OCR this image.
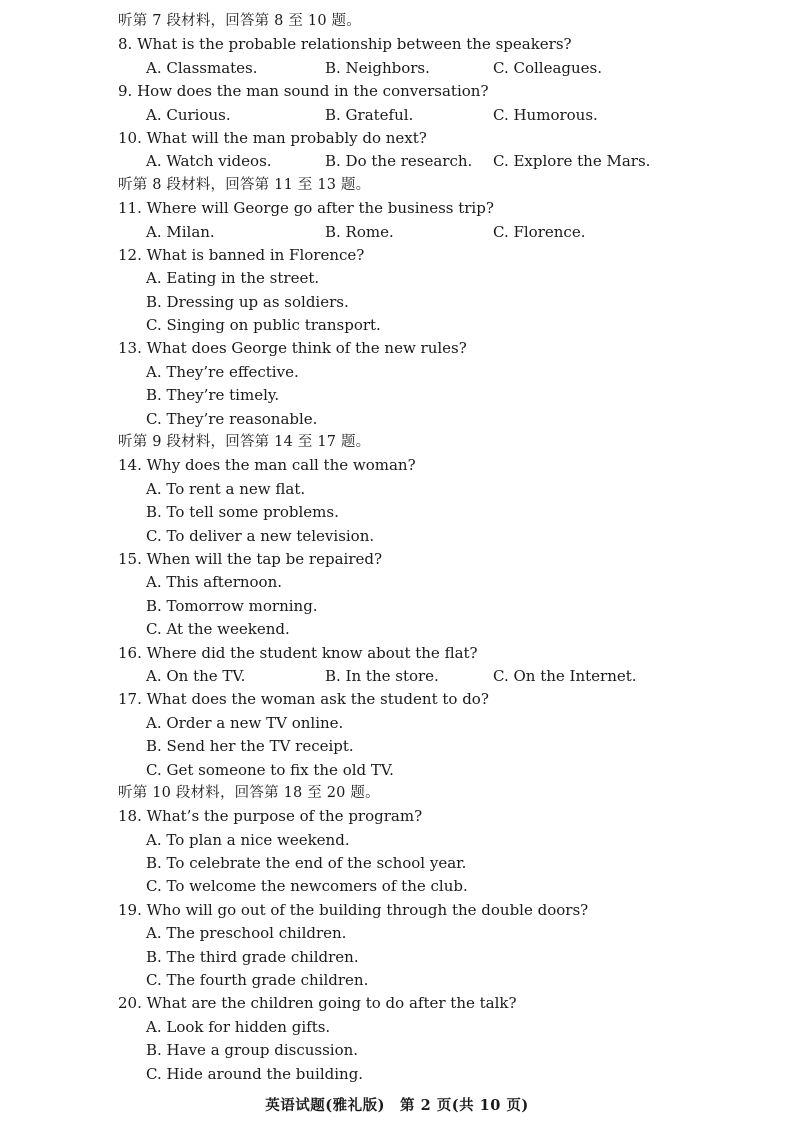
听第 7 段材料，回答第 8 至 10 题。
8. What is the probable relationship between the speakers?
A. Classmates.	B. Neighbors.	C. Colleagues.
9. How does the man sound in the conversation?
A. Curious.	B. Grateful.	C. Humorous.
10. What will the man probably do next?
A. Watch videos.	B. Do the research. C. Explore the Mars.
听第 8 段材料，回答第 11 至 13 题。
11. Where will George go after the business trip?
A. Milan.	B. Rome.	C. Florence.
12. What is banned in Florence?
A. Eating in the street.
B. Dressing up as soldiers.
C. Singing on public transport.
13. What does George think of the new rules?
A. They’re effective.
B. They’re timely.
C. They’re reasonable.
听第 9 段材料，回答第 14 至 17 题。
14. Why does the man call the woman?
A. To rent a new flat.
B. To tell some problems.
C. To deliver a new television.
15. When will the tap be repaired?
A. This afternoon.
B. Tomorrow morning.
C. At the weekend.
16. Where did the student know about the flat?
A. On the TV.	B. In the store.	C. On the Internet.
17. What does the woman ask the student to do?
A. Order a new TV online.
B. Send her the TV receipt.
C. Get someone to fix the old TV.
听第 10 段材料，回答第 18 至 20 题。
18. What’s the purpose of the program?
A. To plan a nice weekend.
B. To celebrate the end of the school year.
C. To welcome the newcomers of the club.
19. Who will go out of the building through the double doors?
A. The preschool children.
B. The third grade children.
C. The fourth grade children.
20. What are the children going to do after the talk?
A. Look for hidden gifts.
B. Have a group discussion.
C. Hide around the building.
英语试题(雅礼版)　第 2 页(共 10 页)
